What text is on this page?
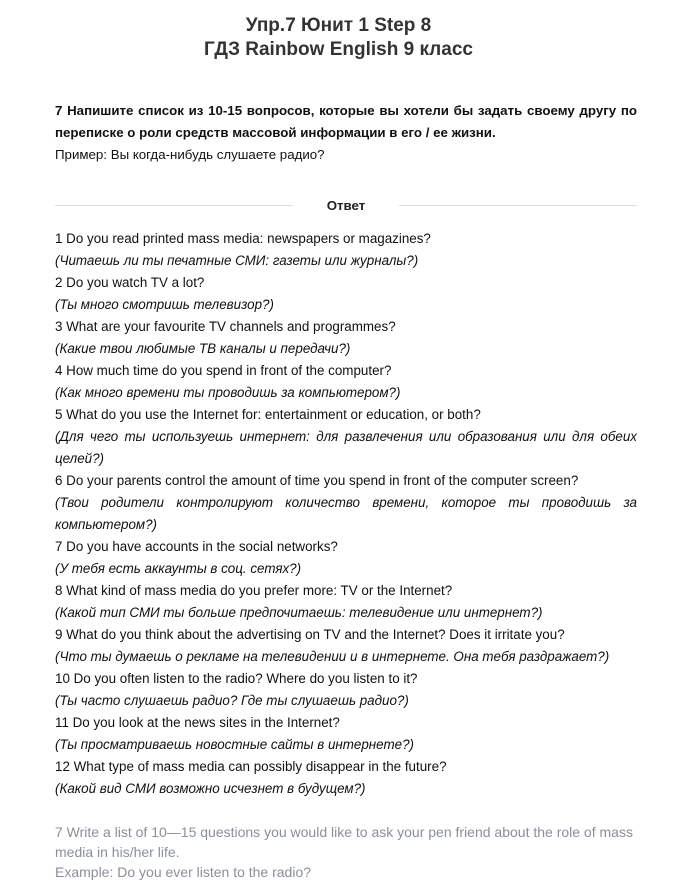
Упр.7 Юнит 1 Step 8
ГДЗ Rainbow English 9 класс
7 Напишите список из 10-15 вопросов, которые вы хотели бы задать своему другу по переписке о роли средств массовой информации в его / ее жизни.
Пример: Вы когда-нибудь слушаете радио?
Ответ
1 Do you read printed mass media: newspapers or magazines?
(Читаешь ли ты печатные СМИ: газеты или журналы?)
2 Do you watch TV a lot?
(Ты много смотришь телевизор?)
3 What are your favourite TV channels and programmes?
(Какие твои любимые ТВ каналы и передачи?)
4 How much time do you spend in front of the computer?
(Как много времени ты проводишь за компьютером?)
5 What do you use the Internet for: entertainment or education, or both?
(Для чего ты используешь интернет: для развлечения или образования или для обеих целей?)
6 Do your parents control the amount of time you spend in front of the computer screen?
(Твои родители контролируют количество времени, которое ты проводишь за компьютером?)
7 Do you have accounts in the social networks?
(У тебя есть аккаунты в соц. сетях?)
8 What kind of mass media do you prefer more: TV or the Internet?
(Какой тип СМИ ты больше предпочитаешь: телевидение или интернет?)
9 What do you think about the advertising on TV and the Internet? Does it irritate you?
(Что ты думаешь о рекламе на телевидении и в интернете. Она тебя раздражает?)
10 Do you often listen to the radio? Where do you listen to it?
(Ты часто слушаешь радио? Где ты слушаешь радио?)
11 Do you look at the news sites in the Internet?
(Ты просматриваешь новостные сайты в интернете?)
12 What type of mass media can possibly disappear in the future?
(Какой вид СМИ возможно исчезнет в будущем?)
7 Write a list of 10—15 questions you would like to ask your pen friend about the role of mass media in his/her life.
Example: Do you ever listen to the radio?
